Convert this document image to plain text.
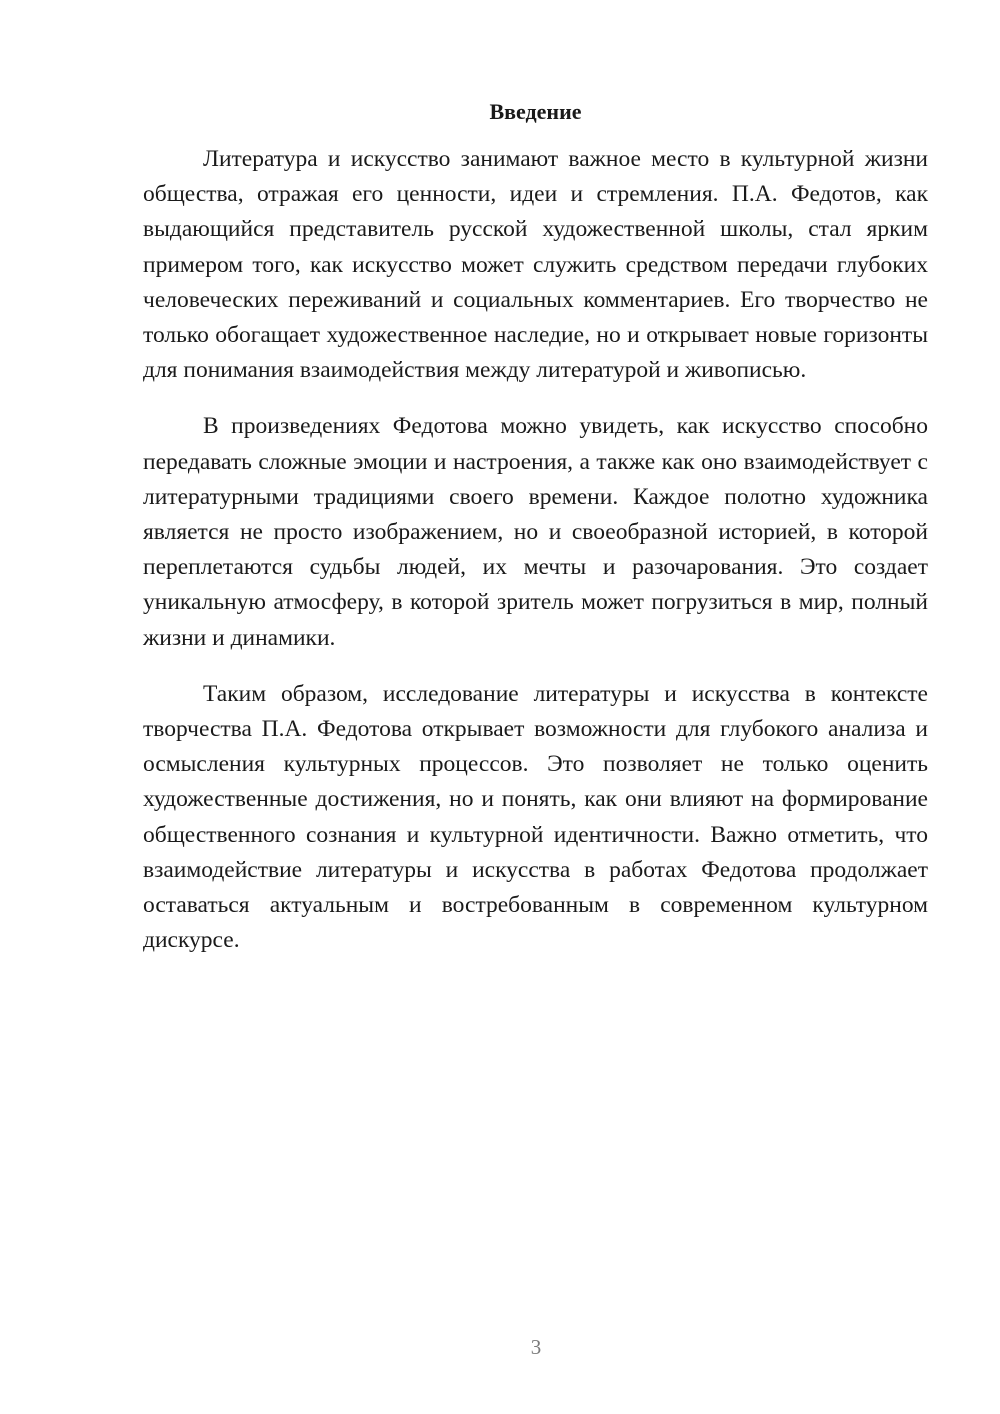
Введение

Литература и искусство занимают важное место в культурной жизни общества, отражая его ценности, идеи и стремления. П.А. Федотов, как выдающийся представитель русской художественной школы, стал ярким примером того, как искусство может служить средством передачи глубоких человеческих переживаний и социальных комментариев. Его творчество не только обогащает художественное наследие, но и открывает новые горизонты для понимания взаимодействия между литературой и живописью.

В произведениях Федотова можно увидеть, как искусство способно передавать сложные эмоции и настроения, а также как оно взаимодействует с литературными традициями своего времени. Каждое полотно художника является не просто изображением, но и своеобразной историей, в которой переплетаются судьбы людей, их мечты и разочарования. Это создает уникальную атмосферу, в которой зритель может погрузиться в мир, полный жизни и динамики.

Таким образом, исследование литературы и искусства в контексте творчества П.А. Федотова открывает возможности для глубокого анализа и осмысления культурных процессов. Это позволяет не только оценить художественные достижения, но и понять, как они влияют на формирование общественного сознания и культурной идентичности. Важно отметить, что взаимодействие литературы и искусства в работах Федотова продолжает оставаться актуальным и востребованным в современном культурном дискурсе.

3
